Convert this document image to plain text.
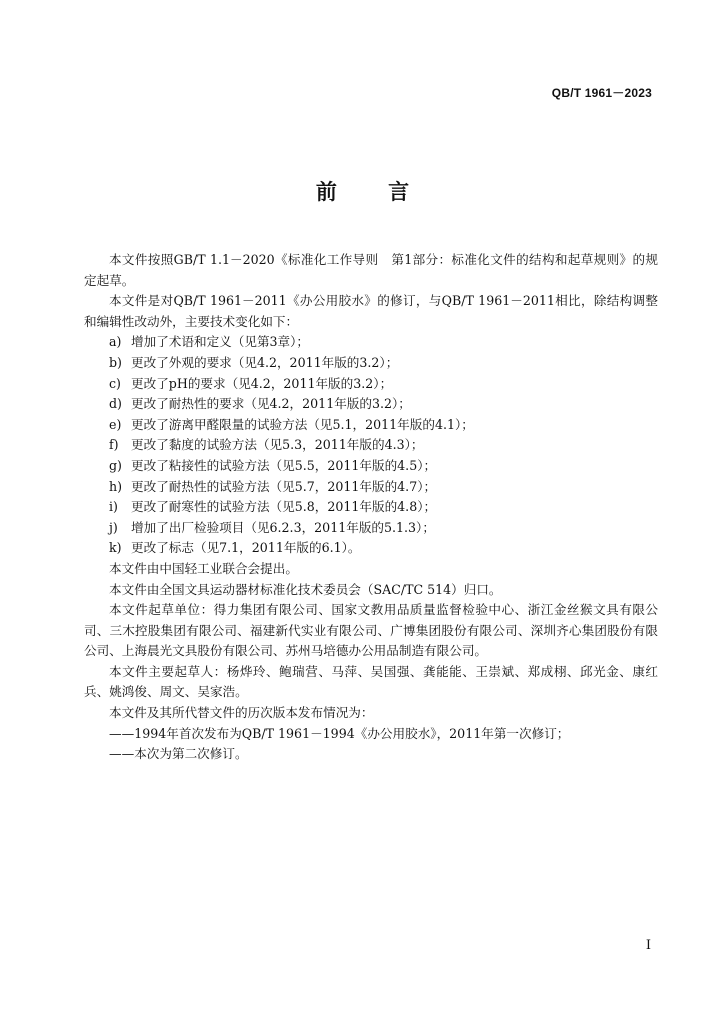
QB/T 1961－2023
前 言

本文件按照GB/T 1.1－2020《标准化工作导则　第1部分：标准化文件的结构和起草规则》的规定起草。

本文件是对QB/T 1961－2011《办公用胶水》的修订，与QB/T 1961－2011相比，除结构调整和编辑性改动外，主要技术变化如下：

a) 增加了术语和定义（见第3章）；

b) 更改了外观的要求（见4.2，2011年版的3.2）；

c) 更改了pH的要求（见4.2，2011年版的3.2）；

d) 更改了耐热性的要求（见4.2，2011年版的3.2）；

e) 更改了游离甲醛限量的试验方法（见5.1，2011年版的4.1）；

f) 更改了黏度的试验方法（见5.3，2011年版的4.3）；

g) 更改了粘接性的试验方法（见5.5，2011年版的4.5）；

h) 更改了耐热性的试验方法（见5.7，2011年版的4.7）；

i) 更改了耐寒性的试验方法（见5.8，2011年版的4.8）；

j) 增加了出厂检验项目（见6.2.3，2011年版的5.1.3）；

k) 更改了标志（见7.1，2011年版的6.1）。

本文件由中国轻工业联合会提出。

本文件由全国文具运动器材标准化技术委员会（SAC/TC 514）归口。

本文件起草单位：得力集团有限公司、国家文教用品质量监督检验中心、浙江金丝猴文具有限公司、三木控股集团有限公司、福建新代实业有限公司、广博集团股份有限公司、深圳齐心集团股份有限公司、上海晨光文具股份有限公司、苏州马培德办公用品制造有限公司。

本文件主要起草人：杨烨玲、鲍瑞营、马萍、吴国强、龚能能、王崇斌、郑成栩、邱光金、康红兵、姚鸿俊、周文、吴家浩。

本文件及其所代替文件的历次版本发布情况为：

——1994年首次发布为QB/T 1961－1994《办公用胶水》，2011年第一次修订；

——本次为第二次修订。

I
